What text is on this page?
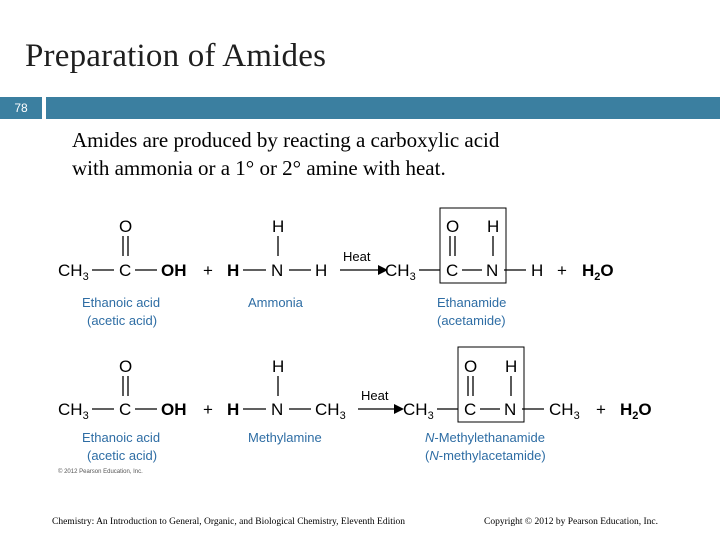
Preparation of Amides
78
Amides are produced by reacting a carboxylic acid
with ammonia or a 1° or 2° amine with heat.
O
$CH_3$ C OH +
H
H N H
Heat
$CH_3$
O H
C N $H + H_2O$
Ethanoic acid
(acetic acid)
Ammonia	Ethanamide
(acetamide)
O
$CH_3$ C OH +
H
H N $CH_3$
Heat
$CH_3$
O H
C N $CH_3 + H_2O$
Ethanoic acid
(acetic acid)
Methylamine	N-Methylethanamide
(N-methylacetamide)
© 2012 Pearson Education, Inc.
Chemistry: An Introduction to General, Organic, and Biological Chemistry, Eleventh Edition	Copyright © 2012 by Pearson Education, Inc.
